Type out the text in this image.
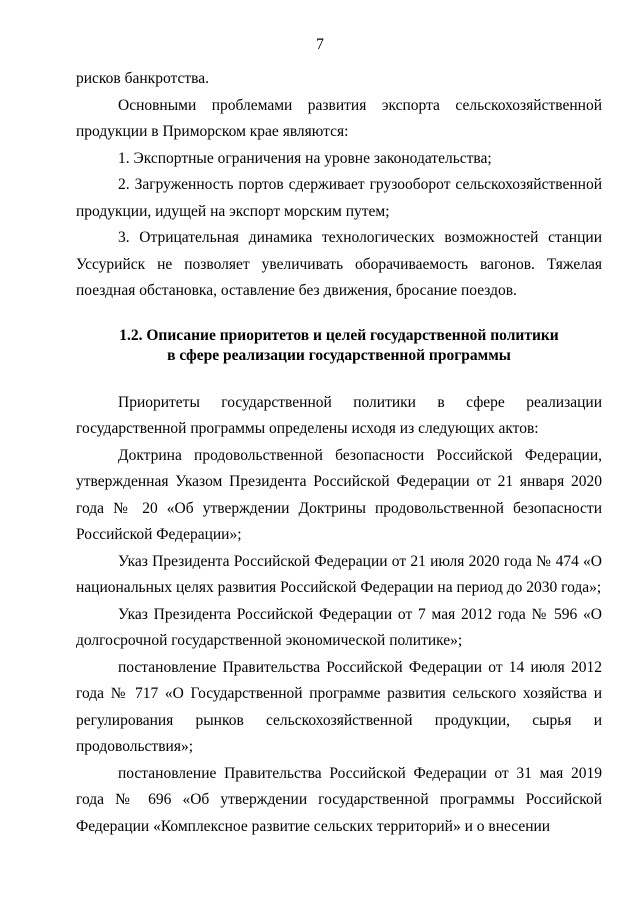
7

рисков банкротства.

Основными проблемами развития экспорта сельскохозяйственной продукции в Приморском крае являются:

1. Экспортные ограничения на уровне законодательства;

2. Загруженность портов сдерживает грузооборот сельскохозяйственной продукции, идущей на экспорт морским путем;

3. Отрицательная динамика технологических возможностей станции Уссурийск не позволяет увеличивать оборачиваемость вагонов. Тяжелая поездная обстановка, оставление без движения, бросание поездов.

1.2. Описание приоритетов и целей государственной политики в сфере реализации государственной программы

Приоритеты государственной политики в сфере реализации государственной программы определены исходя из следующих актов:

Доктрина продовольственной безопасности Российской Федерации, утвержденная Указом Президента Российской Федерации от 21 января 2020 года № 20 «Об утверждении Доктрины продовольственной безопасности Российской Федерации»;

Указ Президента Российской Федерации от 21 июля 2020 года № 474 «О национальных целях развития Российской Федерации на период до 2030 года»;

Указ Президента Российской Федерации от 7 мая 2012 года № 596 «О долгосрочной государственной экономической политике»;

постановление Правительства Российской Федерации от 14 июля 2012 года № 717 «О Государственной программе развития сельского хозяйства и регулирования рынков сельскохозяйственной продукции, сырья и продовольствия»;

постановление Правительства Российской Федерации от 31 мая 2019 года № 696 «Об утверждении государственной программы Российской Федерации «Комплексное развитие сельских территорий» и о внесении
